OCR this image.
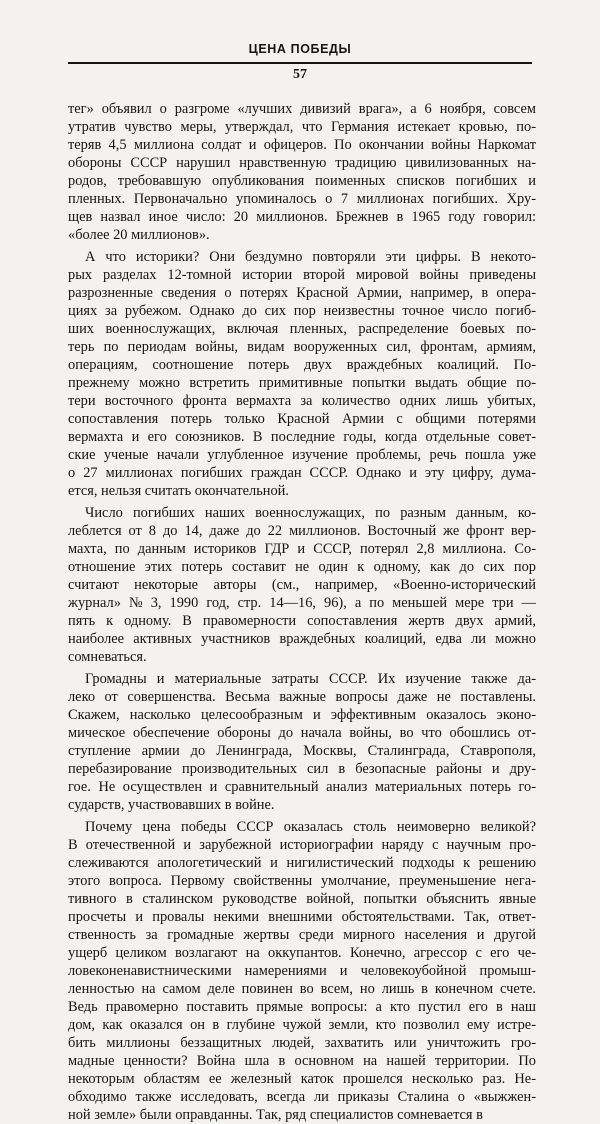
ЦЕНА ПОБЕДЫ
57
тег» объявил о разгроме «лучших дивизий врага», а 6 ноября, совсем
утратив чувство меры, утверждал, что Германия истекает кровью, по-
теряв 4,5 миллиона солдат и офицеров. По окончании войны Наркомат
обороны СССР нарушил нравственную традицию цивилизованных на-
родов, требовавшую опубликования поименных списков погибших и
пленных. Первоначально упоминалось о 7 миллионах погибших. Хру-
щев назвал иное число: 20 миллионов. Брежнев в 1965 году говорил:
«более 20 миллионов».
А что историки? Они бездумно повторяли эти цифры. В некото-
рых разделах 12-томной истории второй мировой войны приведены
разрозненные сведения о потерях Красной Армии, например, в опера-
циях за рубежом. Однако до сих пор неизвестны точное число погиб-
ших военнослужащих, включая пленных, распределение боевых по-
терь по периодам войны, видам вооруженных сил, фронтам, армиям,
операциям, соотношение потерь двух враждебных коалиций. По-
прежнему можно встретить примитивные попытки выдать общие по-
тери восточного фронта вермахта за количество одних лишь убитых,
сопоставления потерь только Красной Армии с общими потерями
вермахта и его союзников. В последние годы, когда отдельные совет-
ские ученые начали углубленное изучение проблемы, речь пошла уже
о 27 миллионах погибших граждан СССР. Однако и эту цифру, дума-
ется, нельзя считать окончательной.
Число погибших наших военнослужащих, по разным данным, ко-
леблется от 8 до 14, даже до 22 миллионов. Восточный же фронт вер-
махта, по данным историков ГДР и СССР, потерял 2,8 миллиона. Со-
отношение этих потерь составит не один к одному, как до сих пор
считают некоторые авторы (см., например, «Военно-исторический
журнал» № 3, 1990 год, стр. 14—16, 96), а по меньшей мере три —
пять к одному. В правомерности сопоставления жертв двух армий,
наиболее активных участников враждебных коалиций, едва ли можно
сомневаться.
Громадны и материальные затраты СССР. Их изучение также да-
леко от совершенства. Весьма важные вопросы даже не поставлены.
Скажем, насколько целесообразным и эффективным оказалось эконо-
мическое обеспечение обороны до начала войны, во что обошлись от-
ступление армии до Ленинграда, Москвы, Сталинграда, Ставрополя,
перебазирование производительных сил в безопасные районы и дру-
гое. Не осуществлен и сравнительный анализ материальных потерь го-
сударств, участвовавших в войне.
Почему цена победы СССР оказалась столь неимоверно великой?
В отечественной и зарубежной историографии наряду с научным про-
слеживаются апологетический и нигилистический подходы к решению
этого вопроса. Первому свойственны умолчание, преуменьшение нега-
тивного в сталинском руководстве войной, попытки объяснить явные
просчеты и провалы некими внешними обстоятельствами. Так, ответ-
ственность за громадные жертвы среди мирного населения и другой
ущерб целиком возлагают на оккупантов. Конечно, агрессор с его че-
ловеконенавистническими намерениями и человекоубойной промыш-
ленностью на самом деле повинен во всем, но лишь в конечном счете.
Ведь правомерно поставить прямые вопросы: а кто пустил его в наш
дом, как оказался он в глубине чужой земли, кто позволил ему истре-
бить миллионы беззащитных людей, захватить или уничтожить гро-
мадные ценности? Война шла в основном на нашей территории. По
некоторым областям ее железный каток прошелся несколько раз. Не-
обходимо также исследовать, всегда ли приказы Сталина о «выжжен-
ной земле» были оправданны. Так, ряд специалистов сомневается в
